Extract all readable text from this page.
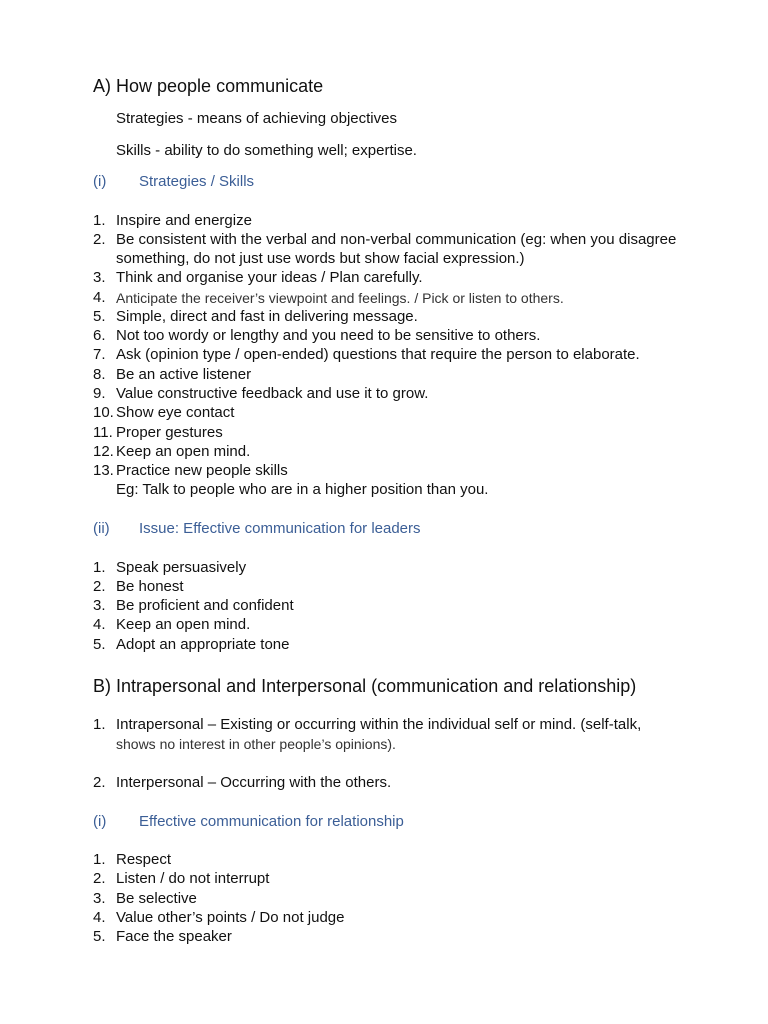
A) How people communicate
Strategies - means of achieving objectives
Skills - ability to do something well; expertise.
(i) Strategies / Skills
1. Inspire and energize
2. Be consistent with the verbal and non-verbal communication (eg: when you disagree
something, do not just use words but show facial expression.)
3. Think and organise your ideas / Plan carefully.
4. Anticipate the receiver’s viewpoint and feelings. / Pick or listen to others.
5. Simple, direct and fast in delivering message.
6. Not too wordy or lengthy and you need to be sensitive to others.
7. Ask (opinion type / open-ended) questions that require the person to elaborate.
8. Be an active listener
9. Value constructive feedback and use it to grow.
10. Show eye contact
11. Proper gestures
12. Keep an open mind.
13. Practice new people skills
Eg: Talk to people who are in a higher position than you.
(ii) Issue: Effective communication for leaders
1. Speak persuasively
2. Be honest
3. Be proficient and confident
4. Keep an open mind.
5. Adopt an appropriate tone
B) Intrapersonal and Interpersonal (communication and relationship)
1. Intrapersonal – Existing or occurring within the individual self or mind. (self-talk,
shows no interest in other people’s opinions).
2. Interpersonal – Occurring with the others.
(i) Effective communication for relationship
1. Respect
2. Listen / do not interrupt
3. Be selective
4. Value other’s points / Do not judge
5. Face the speaker
